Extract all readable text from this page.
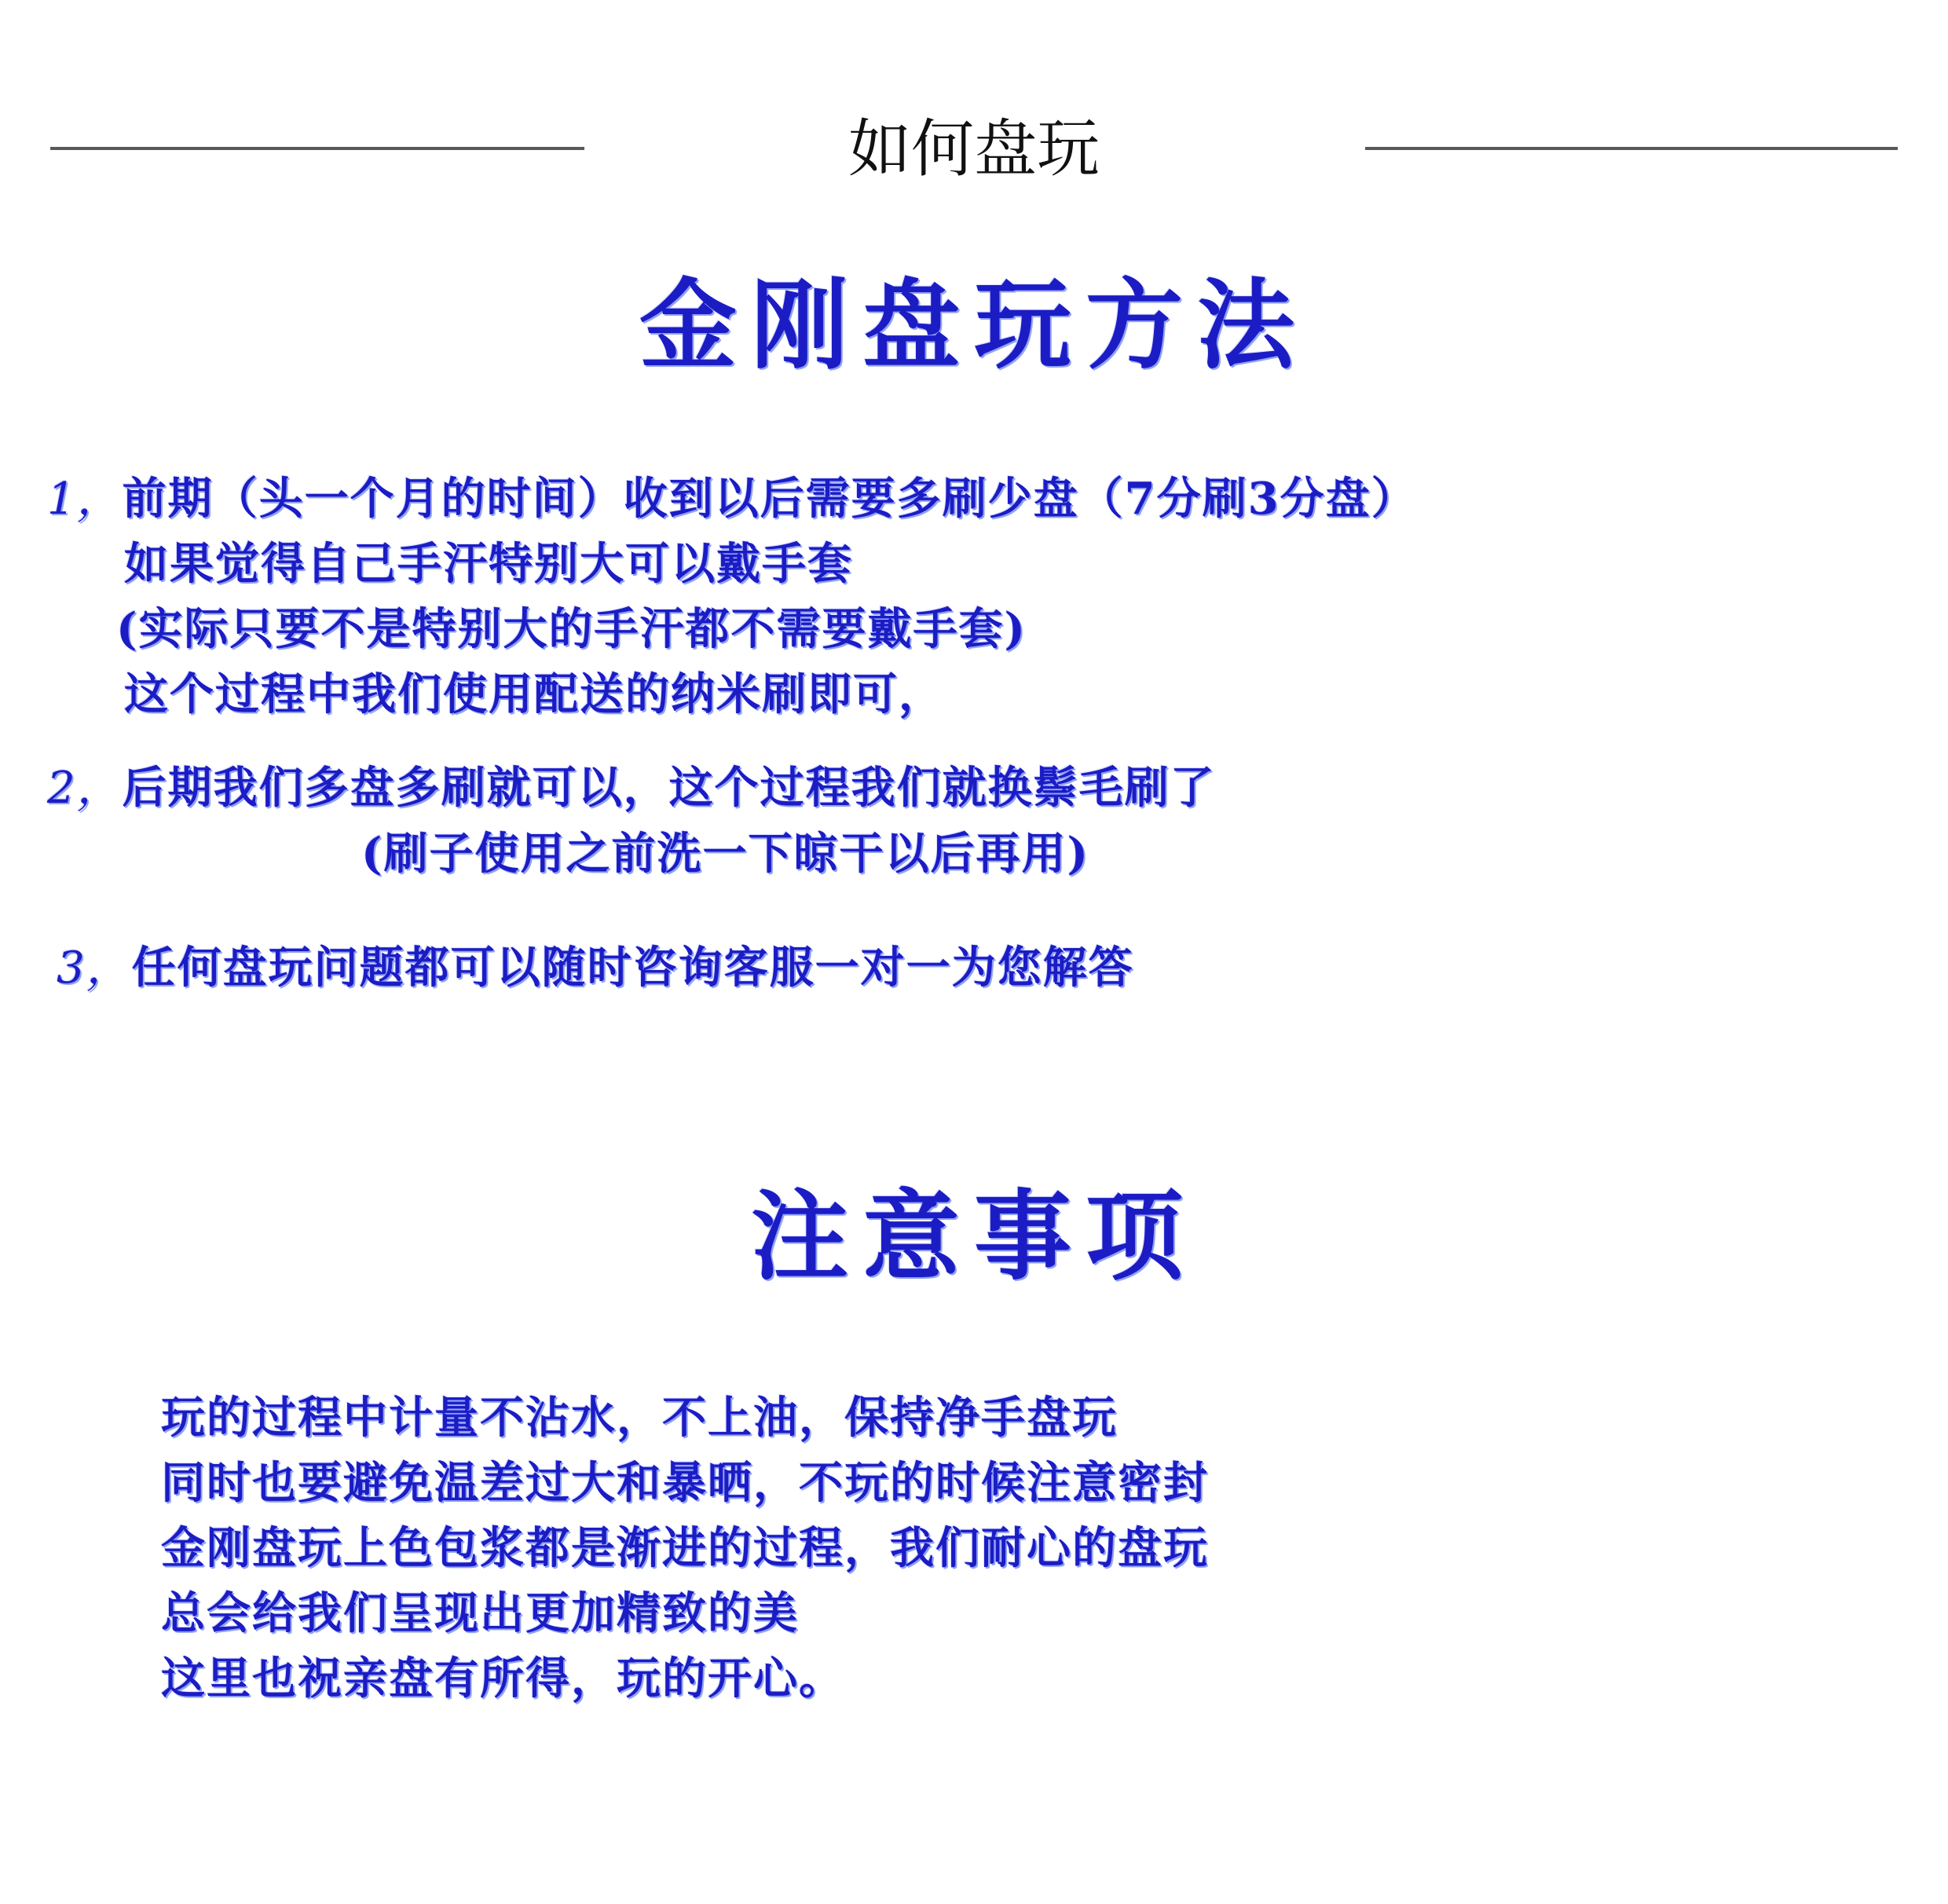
如何盘玩
金刚盘玩方法
1，前期（头一个月的时间）收到以后需要多刷少盘（7分刷3分盘）
如果觉得自己手汗特别大可以戴手套
(实际只要不是特别大的手汗都不需要戴手套)
这个过程中我们使用配送的纳米刷即可，
2，后期我们多盘多刷就可以，这个过程我们就换鬃毛刷了
(刷子使用之前洗一下晾干以后再用)
3，任何盘玩问题都可以随时咨询客服一对一为您解答
注意事项
玩的过程中计量不沾水，不上油，保持净手盘玩
同时也要避免温差过大和暴晒，不玩的时候注意密封
金刚盘玩上色包浆都是渐进的过程，我们耐心的盘玩
总会给我们呈现出更加精致的美
这里也祝亲盘有所得，玩的开心。
